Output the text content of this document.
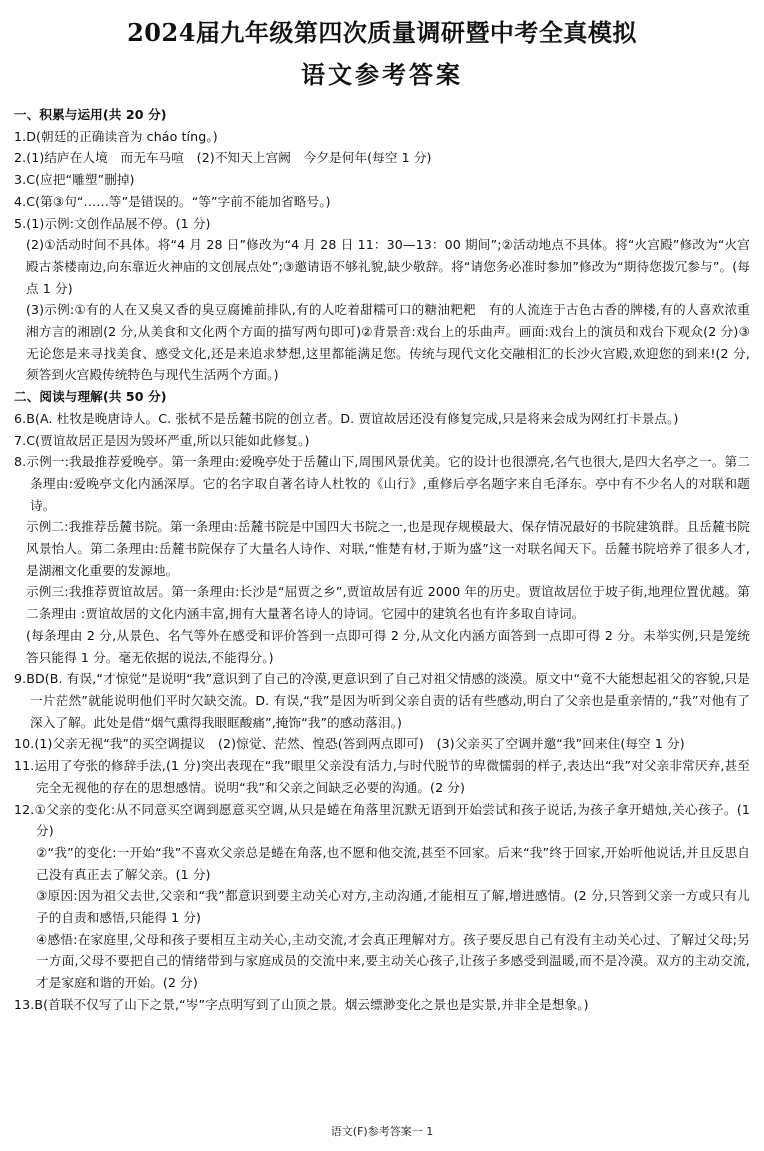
2024届九年级第四次质量调研暨中考全真模拟
语文参考答案

一、积累与运用(共 20 分)

1.D(朝廷的正确读音为 cháo tíng。)

2.(1)结庐在人境　而无车马喧　(2)不知天上宫阙　今夕是何年(每空 1 分)

3.C(应把“雕塑”删掉)

4.C(第③句“……等”是错误的。“等”字前不能加省略号。)

5.(1)示例:文创作品展不停。(1 分)

(2)①活动时间不具体。将“4 月 28 日”修改为“4 月 28 日 11：30—13：00 期间”;②活动地点不具体。将“火宫殿”修改为“火宫殿古茶楼南边,向东靠近火神庙的文创展点处”;③邀请语不够礼貌,缺少敬辞。将“请您务必准时参加”修改为“期待您拨冗参与”。(每点 1 分)

(3)示例:①有的人在又臭又香的臭豆腐摊前排队,有的人吃着甜糯可口的糖油粑粑　有的人流连于古色古香的牌楼,有的人喜欢浓重湘方言的湘剧(2 分,从美食和文化两个方面的描写两句即可)②背景音:戏台上的乐曲声。画面:戏台上的演员和戏台下观众(2 分)③无论您是来寻找美食、感受文化,还是来追求梦想,这里都能满足您。传统与现代文化交融相汇的长沙火宫殿,欢迎您的到来!(2 分,须答到火宫殿传统特色与现代生活两个方面。)

二、阅读与理解(共 50 分)

6.B(A. 杜牧是晚唐诗人。C. 张栻不是岳麓书院的创立者。D. 贾谊故居还没有修复完成,只是将来会成为网红打卡景点。)

7.C(贾谊故居正是因为毁坏严重,所以只能如此修复。)

8.示例一:我最推荐爱晚亭。第一条理由:爱晚亭处于岳麓山下,周围风景优美。它的设计也很漂亮,名气也很大,是四大名亭之一。第二条理由:爱晚亭文化内涵深厚。它的名字取自著名诗人杜牧的《山行》,重修后亭名题字来自毛泽东。亭中有不少名人的对联和题诗。

示例二:我推荐岳麓书院。第一条理由:岳麓书院是中国四大书院之一,也是现存规模最大、保存情况最好的书院建筑群。且岳麓书院风景怡人。第二条理由:岳麓书院保存了大量名人诗作、对联,“惟楚有材,于斯为盛”这一对联名闻天下。岳麓书院培养了很多人才,是湖湘文化重要的发源地。

示例三:我推荐贾谊故居。第一条理由:长沙是“屈贾之乡”,贾谊故居有近 2000 年的历史。贾谊故居位于坡子街,地理位置优越。第二条理由 :贾谊故居的文化内涵丰富,拥有大量著名诗人的诗词。它园中的建筑名也有许多取自诗词。

(每条理由 2 分,从景色、名气等外在感受和评价答到一点即可得 2 分,从文化内涵方面答到一点即可得 2 分。未举实例,只是笼统答只能得 1 分。毫无依据的说法,不能得分。)

9.BD(B. 有误,“才惊觉”是说明“我”意识到了自己的冷漠,更意识到了自己对祖父情感的淡漠。原文中“竟不大能想起祖父的容貌,只是一片茫然”就能说明他们平时欠缺交流。D. 有误,“我”是因为听到父亲自责的话有些感动,明白了父亲也是重亲情的,“我”对他有了深入了解。此处是借“烟气熏得我眼眶酸痛”,掩饰“我”的感动落泪。)

10.(1)父亲无视“我”的买空调提议　(2)惊觉、茫然、惶恐(答到两点即可)　(3)父亲买了空调并邀“我”回来住(每空 1 分)

11.运用了夸张的修辞手法,(1 分)突出表现在“我”眼里父亲没有活力,与时代脱节的卑微懦弱的样子,表达出“我”对父亲非常厌弃,甚至完全无视他的存在的思想感情。说明“我”和父亲之间缺乏必要的沟通。(2 分)

12.①父亲的变化:从不同意买空调到愿意买空调,从只是蜷在角落里沉默无语到开始尝试和孩子说话,为孩子拿开蜡烛,关心孩子。(1 分)

②“我”的变化:一开始“我”不喜欢父亲总是蜷在角落,也不愿和他交流,甚至不回家。后来“我”终于回家,开始听他说话,并且反思自己没有真正去了解父亲。(1 分)

③原因:因为祖父去世,父亲和“我”都意识到要主动关心对方,主动沟通,才能相互了解,增进感情。(2 分,只答到父亲一方或只有儿子的自责和感悟,只能得 1 分)

④感悟:在家庭里,父母和孩子要相互主动关心,主动交流,才会真正理解对方。孩子要反思自己有没有主动关心过、了解过父母;另一方面,父母不要把自己的情绪带到与家庭成员的交流中来,要主动关心孩子,让孩子多感受到温暖,而不是冷漠。双方的主动交流,才是家庭和谐的开始。(2 分)

13.B(首联不仅写了山下之景,“岑”字点明写到了山顶之景。烟云缥渺变化之景也是实景,并非全是想象。)

语文(F)参考答案一 1
